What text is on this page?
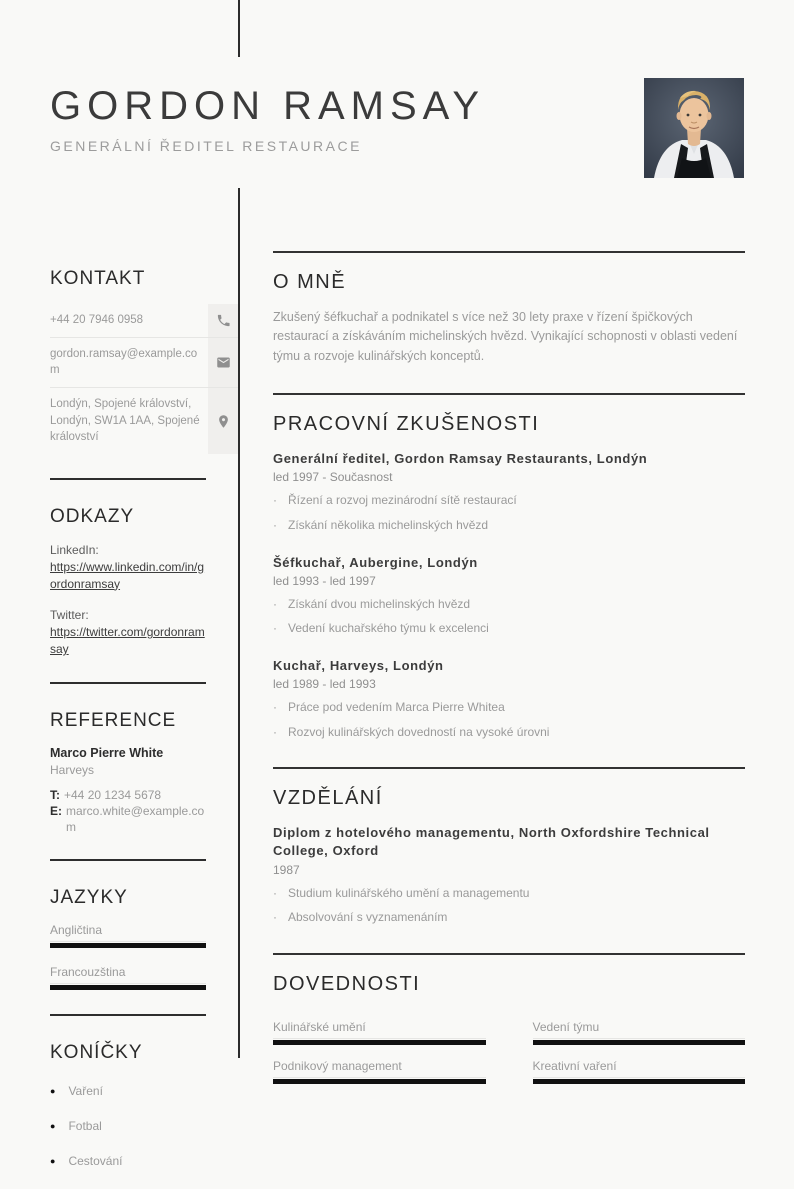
GORDON RAMSAY
GENERÁLNÍ ŘEDITEL RESTAURACE
KONTAKT
+44 20 7946 0958
gordon.ramsay@example.com
Londýn, Spojené království, Londýn, SW1A 1AA, Spojené království
ODKAZY
LinkedIn:
https://www.linkedin.com/in/gordonramsay
Twitter:
https://twitter.com/gordonramsay
REFERENCE
Marco Pierre White
Harveys
T: +44 20 1234 5678
E: marco.white@example.com
JAZYKY
Angličtina
Francouzština
KONÍČKY
● Vaření
● Fotbal
● Cestování
O MNĚ

Zkušený šéfkuchař a podnikatel s více než 30 lety praxe v řízení špičkových restaurací a získáváním michelinských hvězd. Vynikající schopnosti v oblasti vedení týmu a rozvoje kulinářských konceptů.

PRACOVNÍ ZKUŠENOSTI
Generální ředitel, Gordon Ramsay Restaurants, Londýn
led 1997 - Současnost
· Řízení a rozvoj mezinárodní sítě restaurací
· Získání několika michelinských hvězd
Šéfkuchař, Aubergine, Londýn
led 1993 - led 1997
· Získání dvou michelinských hvězd
· Vedení kuchařského týmu k excelenci
Kuchař, Harveys, Londýn
led 1989 - led 1993
· Práce pod vedením Marca Pierre Whitea
· Rozvoj kulinářských dovedností na vysoké úrovni
VZDĚLÁNÍ
Diplom z hotelového managementu, North Oxfordshire Technical College, Oxford
1987
· Studium kulinářského umění a managementu
· Absolvování s vyznamenáním
DOVEDNOSTI
Kulinářské umění	Vedení týmu
Podnikový management	Kreativní vaření
